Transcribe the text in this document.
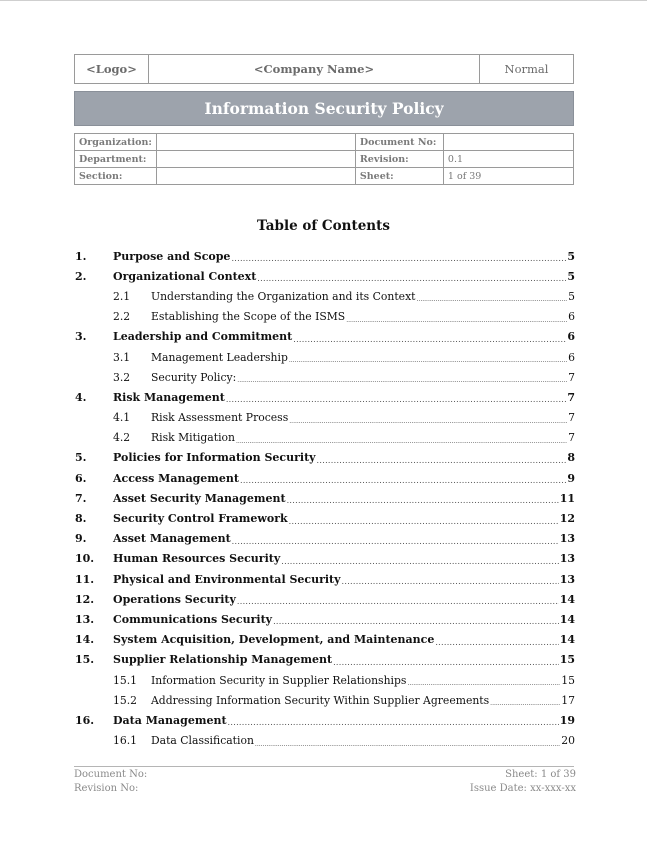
<Logo>	<Company Name>	Normal
Information Security Policy
Organization:		Document No:	
Department:		Revision:	0.1
Section:		Sheet:	1 of 39
Table of Contents
1.	Purpose and Scope .....	5
2.	Organizational Context .....	5
2.1	Understanding the Organization and its Context .....	5
2.2	Establishing the Scope of the ISMS .....	6
3.	Leadership and Commitment .....	6
3.1	Management Leadership .....	6
3.2	Security Policy: .....	7
4.	Risk Management .....	7
4.1	Risk Assessment Process .....	7
4.2	Risk Mitigation .....	7
5.	Policies for Information Security .....	8
6.	Access Management .....	9
7.	Asset Security Management .....	11
8.	Security Control Framework .....	12
9.	Asset Management .....	13
10.	Human Resources Security .....	13
11.	Physical and Environmental Security .....	13
12.	Operations Security .....	14
13.	Communications Security .....	14
14.	System Acquisition, Development, and Maintenance .....	14
15.	Supplier Relationship Management .....	15
15.1	Information Security in Supplier Relationships .....	15
15.2	Addressing Information Security Within Supplier Agreements .....	17
16.	Data Management .....	19
16.1	Data Classification .....	20
Document No:	Sheet: 1 of 39
Revision No:	Issue Date: xx-xxx-xx
